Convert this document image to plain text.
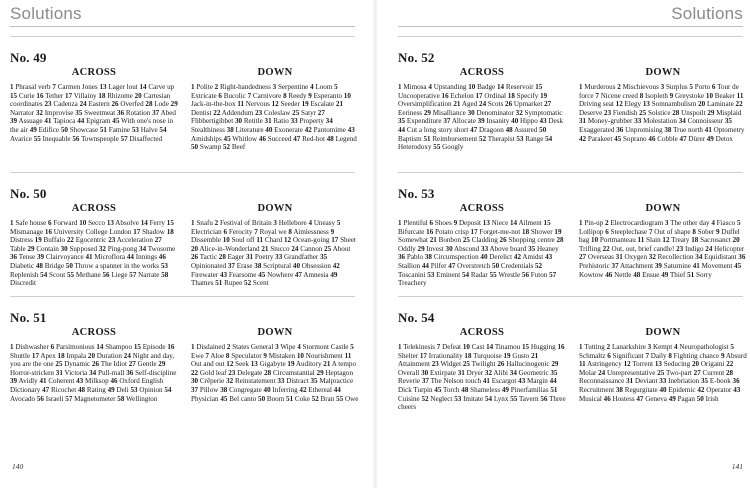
Solutions
No. 49
ACROSS
1 Phrasal verb 7 Carmen Jones 13 Lager lout 14 Carve up 15 Curie 16 Tether 17 Villainy 18 Rhizome 20 Cartesian coordinates 23 Cadenza 24 Eastern 26 Overfed 28 Lode 29 Narrator 32 Improvise 35 Sweetmeat 36 Rotation 37 Abed 39 Assuage 41 Tapioca 44 Epigram 45 With one's nose in the air 49 Edifice 50 Showcase 51 Famine 53 Halve 54 Avarice 55 Inequable 56 Townspeople 57 Disaffected
DOWN
1 Polite 2 Right-handedness 3 Serpentine 4 Loom 5 Extricate 6 Bucolic 7 Carnivore 8 Reedy 9 Esperanto 10 Jack-in-the-box 11 Nervous 12 Seeder 19 Escalate 21 Dentist 22 Addendum 23 Coleslaw 25 Satyr 27 Flibbertigibbet 30 Retitle 31 Ratio 33 Property 34 Stealthiness 38 Literature 40 Exonerate 42 Pantomime 43 Amidships 45 Whitlow 46 Succeed 47 Red-hot 48 Legend 50 Swamp 52 Beef
No. 50
ACROSS
1 Safe house 6 Forward 10 Secco 13 Absolve 14 Ferry 15 Mismanage 16 University College London 17 Shadow 18 Distress 19 Buffalo 22 Egocentric 23 Acceleration 27 Table 29 Contain 30 Supposed 32 Ping-pong 34 Twosome 36 Tense 39 Clairvoyance 41 Microflora 44 Innings 46 Diabetic 48 Bridge 50 Throw a spanner in the works 53 Replenish 54 Scout 55 Methane 56 Liege 57 Narrate 58 Discredit
DOWN
1 Snafu 2 Festival of Britain 3 Hellebore 4 Uneasy 5 Electrician 6 Ferocity 7 Royal we 8 Aimlessness 9 Dissemble 10 Soul off 11 Chard 12 Ocean-going 17 Sheet 20 Alice-in-Wonderland 21 Stucco 24 Cannon 25 About 26 Tactic 28 Eager 31 Poetry 33 Grandfather 35 Opinionated 37 Erase 38 Scriptural 40 Obsession 42 Firewater 43 Fearsome 45 Nowhere 47 Amnesia 49 Thames 51 Rupee 52 Scent
No. 51
ACROSS
1 Dishwasher 6 Parsimonious 14 Shampoo 15 Episode 16 Shuttle 17 Apex 18 Impala 20 Duration 24 Night and day, you are the one 25 Dynamic 26 The Idiot 27 Gentle 29 Horror-stricken 31 Victoria 34 Pull-mall 36 Self-discipline 39 Avidly 41 Coherent 43 Milksop 46 Oxford English Dictionary 47 Ricochet 48 Rating 49 Deli 53 Opinion 54 Avocado 56 Israeli 57 Magnetometer 58 Wellington
DOWN
1 Disdained 2 States General 3 Wipe 4 Stormont Castle 5 Ewe 7 Aloe 8 Speculator 9 Mistaken 10 Nourishment 11 Out and out 12 Seek 13 Gigabyte 19 Auditory 21 A tempo 22 Gold leaf 23 Delegate 28 Circumstantial 29 Heptagon 30 Crêperie 32 Reinstatement 33 Distract 35 Malpractice 37 Pillow 38 Congregate 40 Inferring 42 Ethereal 44 Physician 45 Bel canto 50 Boom 51 Coke 52 Bran 55 Owe
140
Solutions
No. 52
ACROSS
1 Mimosa 4 Upstanding 10 Badge 14 Reservoir 15 Uncooperative 16 Echelon 17 Ordinal 18 Specify 19 Oversimplification 21 Aged 24 Scots 26 Upmarket 27 Eeriness 29 Misalliance 30 Denominator 32 Symptomatic 35 Expenditure 37 Allocate 39 Insanity 40 Hippo 43 Desk 44 Cut a long story short 47 Dragoon 48 Assured 50 Baptism 51 Reimbursement 52 Therapist 53 Range 54 Heterodoxy 55 Googly
DOWN
1 Murderous 2 Mischievous 3 Surplus 5 Porto 6 Tour de force 7 Nicene creed 8 Isopleth 9 Greystoke 10 Beaker 11 Driving seat 12 Elegy 13 Somnambulism 20 Laminate 22 Deserve 23 Fiendish 25 Solstice 28 Unspoilt 29 Misplaid 31 Money-grubber 33 Molestation 34 Connoisseur 35 Exaggerated 36 Unpromising 38 True north 41 Optometry 42 Parakeet 45 Soprano 46 Cobble 47 Dürer 49 Detox
No. 53
ACROSS
1 Plentiful 6 Shoes 9 Deposit 13 Niece 14 Ailment 15 Bifurcate 16 Potato crisp 17 Forget-me-not 18 Shower 19 Somewhat 21 Bonbon 25 Cladding 26 Shopping centre 28 Oddly 29 Invest 30 Abscond 33 Above board 35 Heaney 36 Pablo 38 Circumspection 40 Derelict 42 Amidst 43 Stallion 44 Pilfer 47 Overstretch 50 Credentials 52 Toscanini 53 Eminent 54 Radar 55 Wrestle 56 Futon 57 Treachery
DOWN
1 Pin-up 2 Electrocardiogram 3 The other day 4 Fiasco 5 Lollipop 6 Steeplechase 7 Out of shape 8 Sober 9 Duffel bag 10 Portmanteau 11 Slain 12 Treaty 18 Sacrosanct 20 Trifling 22 Out, out, brief candle! 23 Indigo 24 Helicopter 27 Overseas 31 Oxygen 32 Recollection 34 Equidistant 36 Prehistoric 37 Attachment 39 Saturnine 41 Movement 45 Kowtow 46 Nettle 48 Ensue 49 Thief 51 Sorry
No. 54
ACROSS
1 Telekinesis 7 Defeat 10 Cast 14 Tinamou 15 Hugging 16 Shelter 17 Irrationality 18 Turquoise 19 Gusto 21 Attainment 23 Widget 25 Twilight 26 Hallucinogenic 29 Overall 30 Extirpate 31 Dryer 32 Alibi 34 Geometric 35 Reverie 37 The Nelson touch 41 Escargot 43 Margin 44 Dick Turpin 45 Torch 48 Shameless 49 Pinerfamilias 51 Cuisine 52 Neglect 53 Imitate 54 Lynx 55 Tavern 56 Three cheers
DOWN
1 Tutting 2 Lanarkshire 3 Kempt 4 Neuropathologist 5 Schmaltz 6 Significant 7 Daily 8 Fighting chance 9 Absurd 11 Astringency 12 Torrent 13 Seducing 20 Origami 22 Molar 24 Unrepresentative 25 Two-part 27 Current 28 Reconnaissance 31 Deviant 33 Inebriation 35 E-book 36 Recruitment 38 Regurgitate 40 Epidemic 42 Operator 43 Musical 46 Hostess 47 Geneva 49 Pagan 50 Irish
141
